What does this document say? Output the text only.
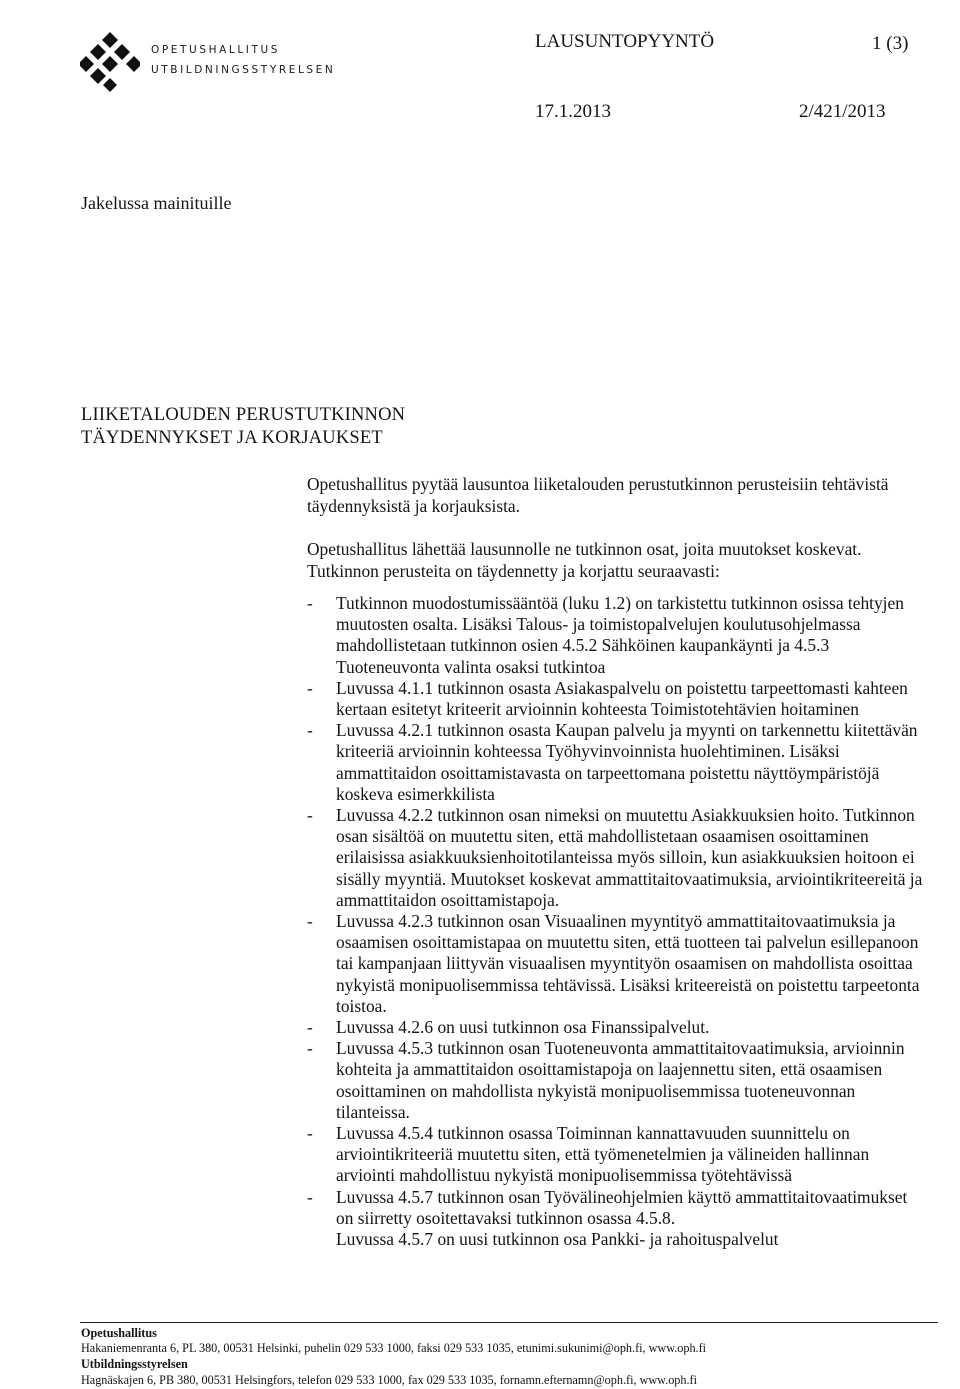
OPETUSHALLITUS
UTBILDNINGSSTYRELSEN
LAUSUNTOPYYNTÖ	1 (3)
17.1.2013	2/421/2013
Jakelussa mainituille
LIIKETALOUDEN PERUSTUTKINNON
TÄYDENNYKSET JA KORJAUKSET

Opetushallitus pyytää lausuntoa liiketalouden perustutkinnon perusteisiin tehtävistä täydennyksistä ja korjauksista.

Opetushallitus lähettää lausunnolle ne tutkinnon osat, joita muutokset koskevat. Tutkinnon perusteita on täydennetty ja korjattu seuraavasti:

- Tutkinnon muodostumissääntöä (luku 1.2) on tarkistettu tutkinnon osissa tehtyjen muutosten osalta. Lisäksi Talous- ja toimistopalvelujen koulutusohjelmassa mahdollistetaan tutkinnon osien 4.5.2 Sähköinen kaupankäynti ja 4.5.3 Tuoteneuvonta valinta osaksi tutkintoa
- Luvussa 4.1.1 tutkinnon osasta Asiakaspalvelu on poistettu tarpeettomasti kahteen kertaan esitetyt kriteerit arvioinnin kohteesta Toimistotehtävien hoitaminen
- Luvussa 4.2.1 tutkinnon osasta Kaupan palvelu ja myynti on tarkennettu kiitettävän kriteeriä arvioinnin kohteessa Työhyvinvoinnista huolehtiminen. Lisäksi ammattitaidon osoittamistavasta on tarpeettomana poistettu näyttöympäristöjä koskeva esimerkkilista
- Luvussa 4.2.2 tutkinnon osan nimeksi on muutettu Asiakkuuksien hoito. Tutkinnon osan sisältöä on muutettu siten, että mahdollistetaan osaamisen osoittaminen erilaisissa asiakkuuksienhoitotilanteissa myös silloin, kun asiakkuuksien hoitoon ei sisälly myyntiä. Muutokset koskevat ammattitaitovaatimuksia, arviointikriteereitä ja ammattitaidon osoittamistapoja.
- Luvussa 4.2.3 tutkinnon osan Visuaalinen myyntityö ammattitaitovaatimuksia ja osaamisen osoittamistapaa on muutettu siten, että tuotteen tai palvelun esillepanoon tai kampanjaan liittyvän visuaalisen myyntityön osaamisen on mahdollista osoittaa nykyistä monipuolisemmissa tehtävissä. Lisäksi kriteereistä on poistettu tarpeetonta toistoa.
- Luvussa 4.2.6 on uusi tutkinnon osa Finanssipalvelut.
- Luvussa 4.5.3 tutkinnon osan Tuoteneuvonta ammattitaitovaatimuksia, arvioinnin kohteita ja ammattitaidon osoittamistapoja on laajennettu siten, että osaamisen osoittaminen on mahdollista nykyistä monipuolisemmissa tuoteneuvonnan tilanteissa.
- Luvussa 4.5.4 tutkinnon osassa Toiminnan kannattavuuden suunnittelu on arviointikriteeriä muutettu siten, että työmenetelmien ja välineiden hallinnan arviointi mahdollistuu nykyistä monipuolisemmissa työtehtävissä
- Luvussa 4.5.7 tutkinnon osan Työvälineohjelmien käyttö ammattitaitovaatimukset on siirretty osoitettavaksi tutkinnon osassa 4.5.8.
Luvussa 4.5.7 on uusi tutkinnon osa Pankki- ja rahoituspalvelut
Opetushallitus
Hakaniemenranta 6, PL 380, 00531 Helsinki, puhelin 029 533 1000, faksi 029 533 1035, etunimi.sukunimi@oph.fi, www.oph.fi
Utbildningsstyrelsen
Hagnäskajen 6, PB 380, 00531 Helsingfors, telefon 029 533 1000, fax 029 533 1035, fornamn.efternamn@oph.fi, www.oph.fi
